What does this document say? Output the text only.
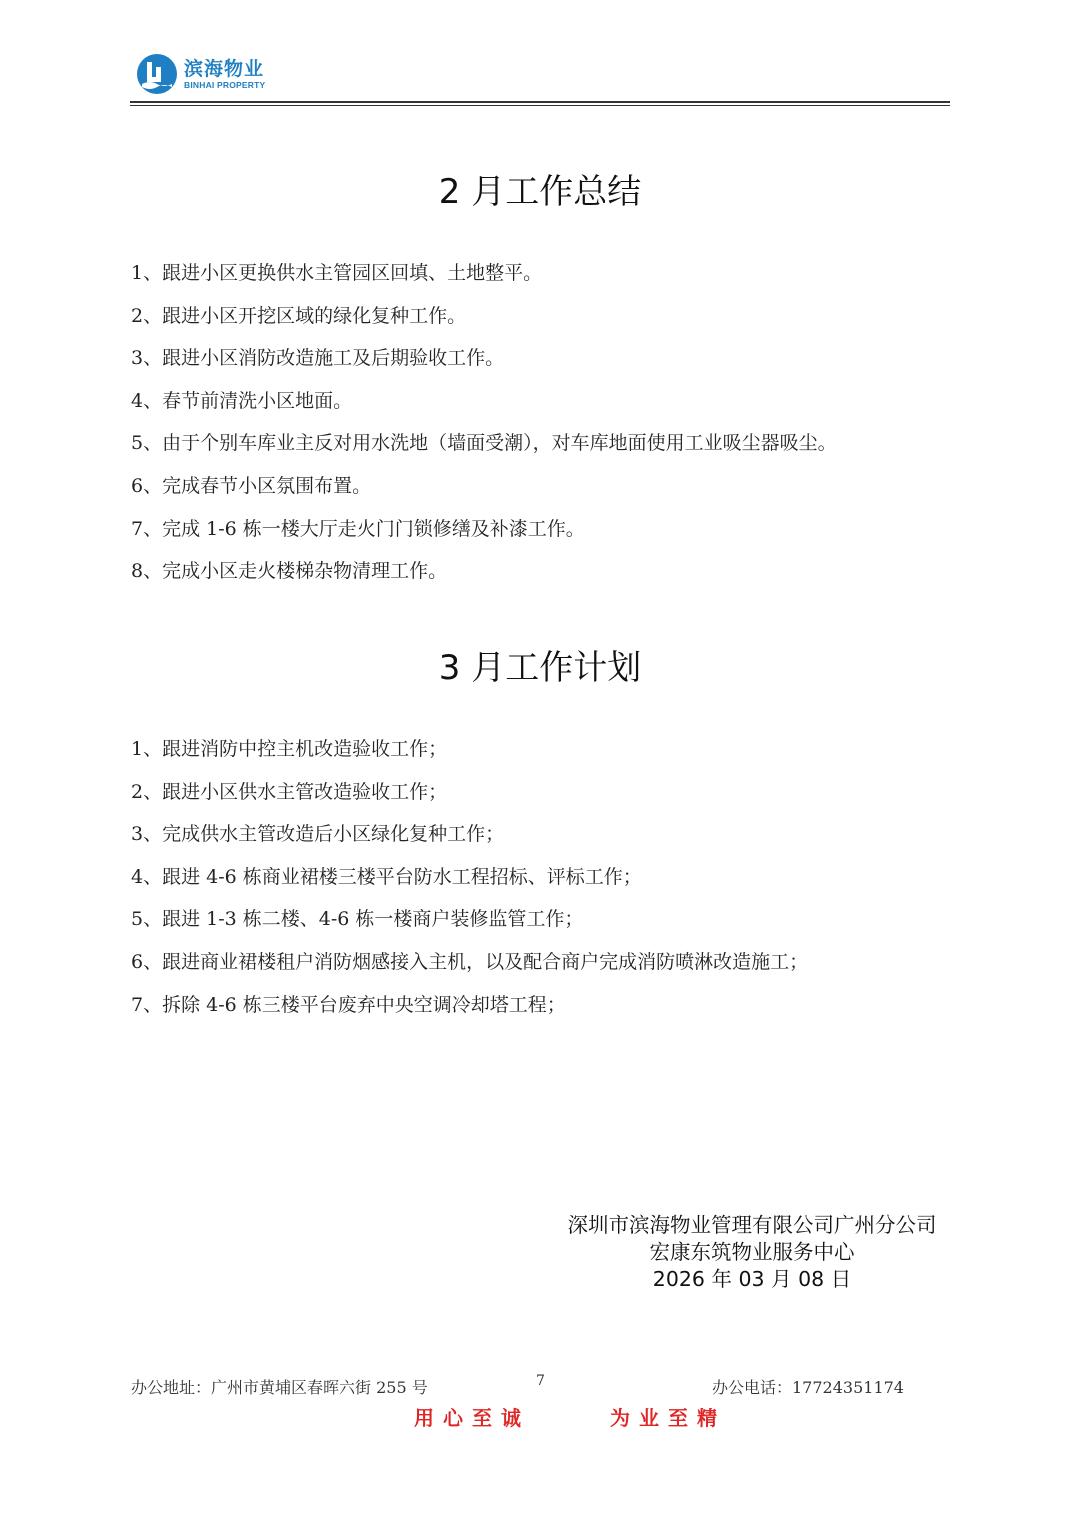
滨海物业
BINHAI PROPERTY
2 月工作总结
1、跟进小区更换供水主管园区回填、土地整平。
2、跟进小区开挖区域的绿化复种工作。
3、跟进小区消防改造施工及后期验收工作。
4、春节前清洗小区地面。
5、由于个别车库业主反对用水洗地（墙面受潮），对车库地面使用工业吸尘器吸尘。
6、完成春节小区氛围布置。
7、完成 1-6 栋一楼大厅走火门门锁修缮及补漆工作。
8、完成小区走火楼梯杂物清理工作。
3 月工作计划
1、跟进消防中控主机改造验收工作；
2、跟进小区供水主管改造验收工作；
3、完成供水主管改造后小区绿化复种工作；
4、跟进 4-6 栋商业裙楼三楼平台防水工程招标、评标工作；
5、跟进 1-3 栋二楼、4-6 栋一楼商户装修监管工作；
6、跟进商业裙楼租户消防烟感接入主机，以及配合商户完成消防喷淋改造施工；
7、拆除 4-6 栋三楼平台废弃中央空调冷却塔工程；
深圳市滨海物业管理有限公司广州分公司
宏康东筑物业服务中心
2026 年 03 月 08 日
办公地址：广州市黄埔区春晖六街 255 号	7	办公电话：17724351174
用心至诚	为业至精
